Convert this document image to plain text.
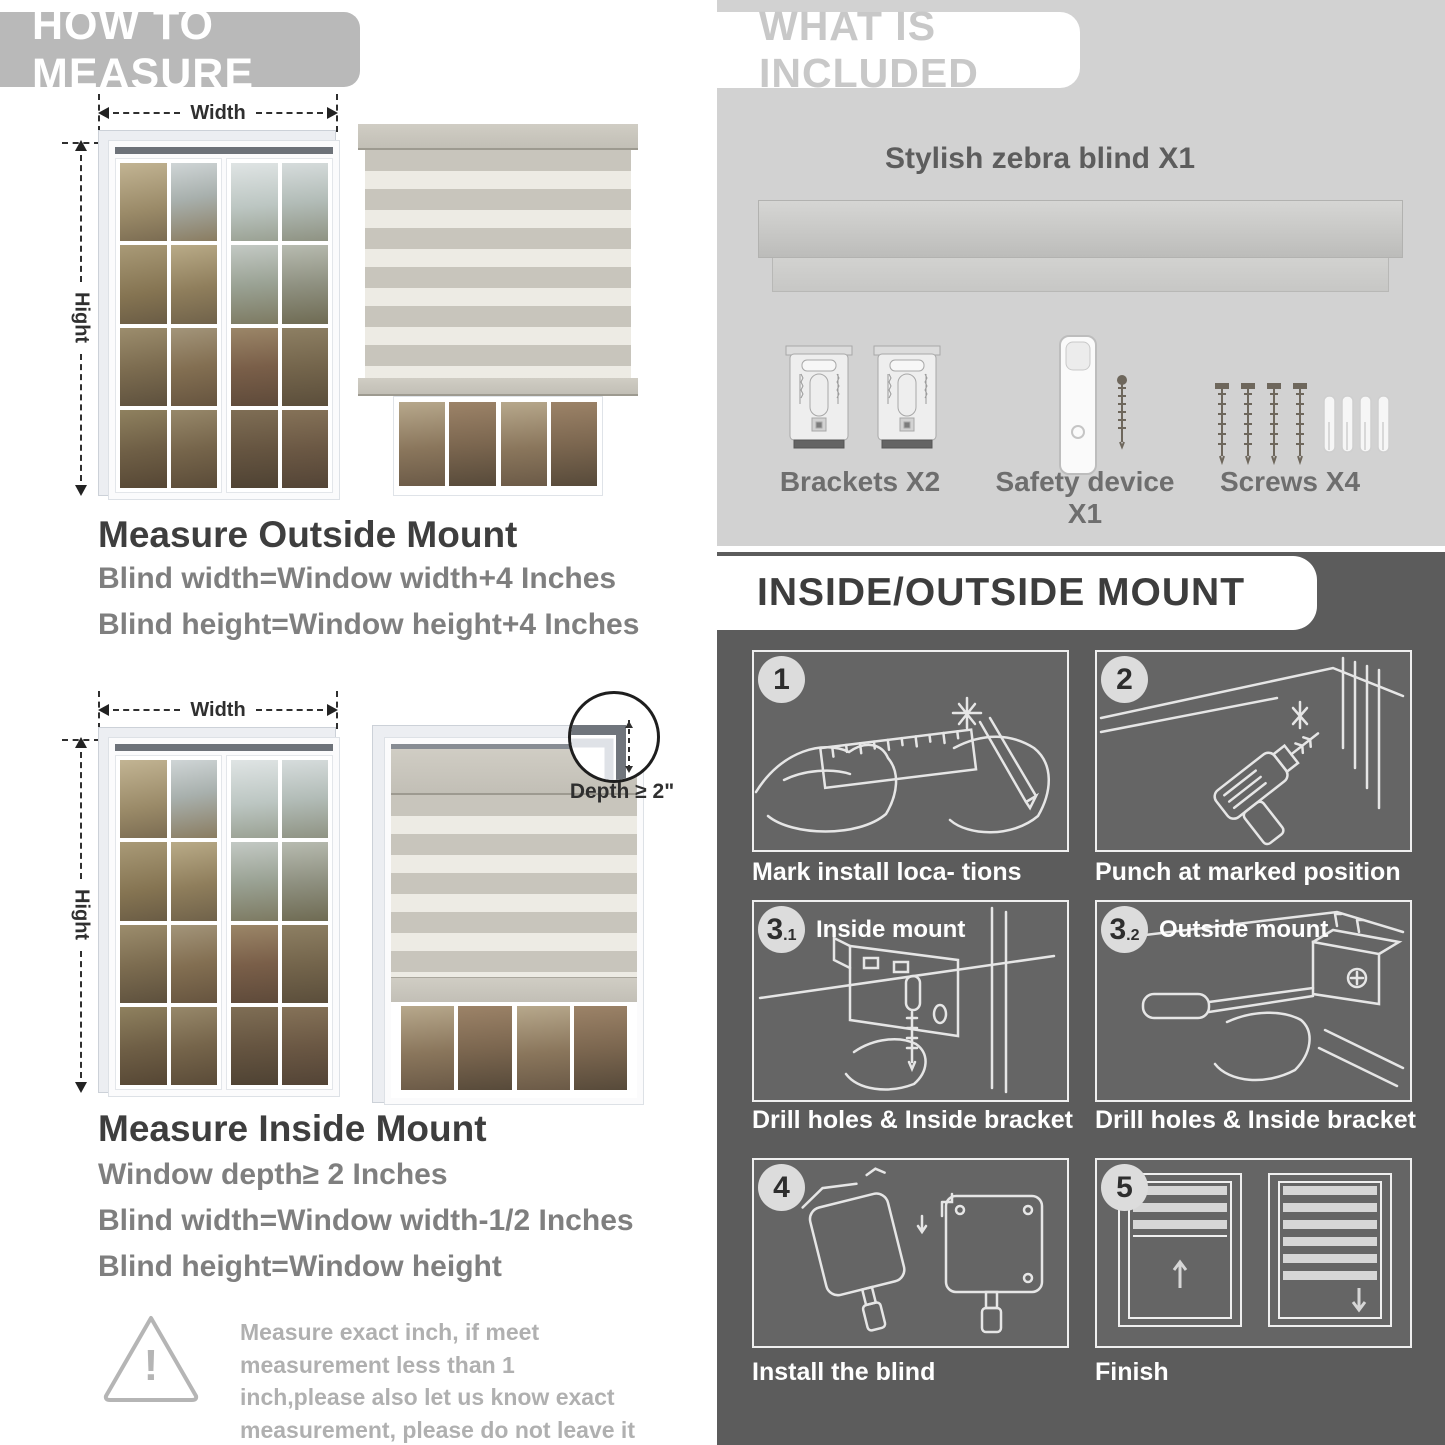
HOW TO MEASURE
Width
Hight
Measure Outside Mount
Blind width=Window width+4 Inches
Blind height=Window height+4 Inches
Width
Hight
Depth ≥ 2"
Measure Inside Mount
Window depth≥ 2 Inches
Blind width=Window width-1/2 Inches
Blind height=Window height
!
Measure exact inch, if meet measurement less than 1 inch,please also let us know exact measurement, please do not leave it
WHAT IS INCLUDED
Stylish zebra blind X1
Brackets X2	Safety device X1
Screws X4
INSIDE/OUTSIDE MOUNT
1
Mark install loca- tions
2
Punch at marked position
3 .1 Inside mount
Drill holes & Inside bracket
3 .2 Outside mount
Drill holes & Inside bracket
4
Install the blind
5
Finish
